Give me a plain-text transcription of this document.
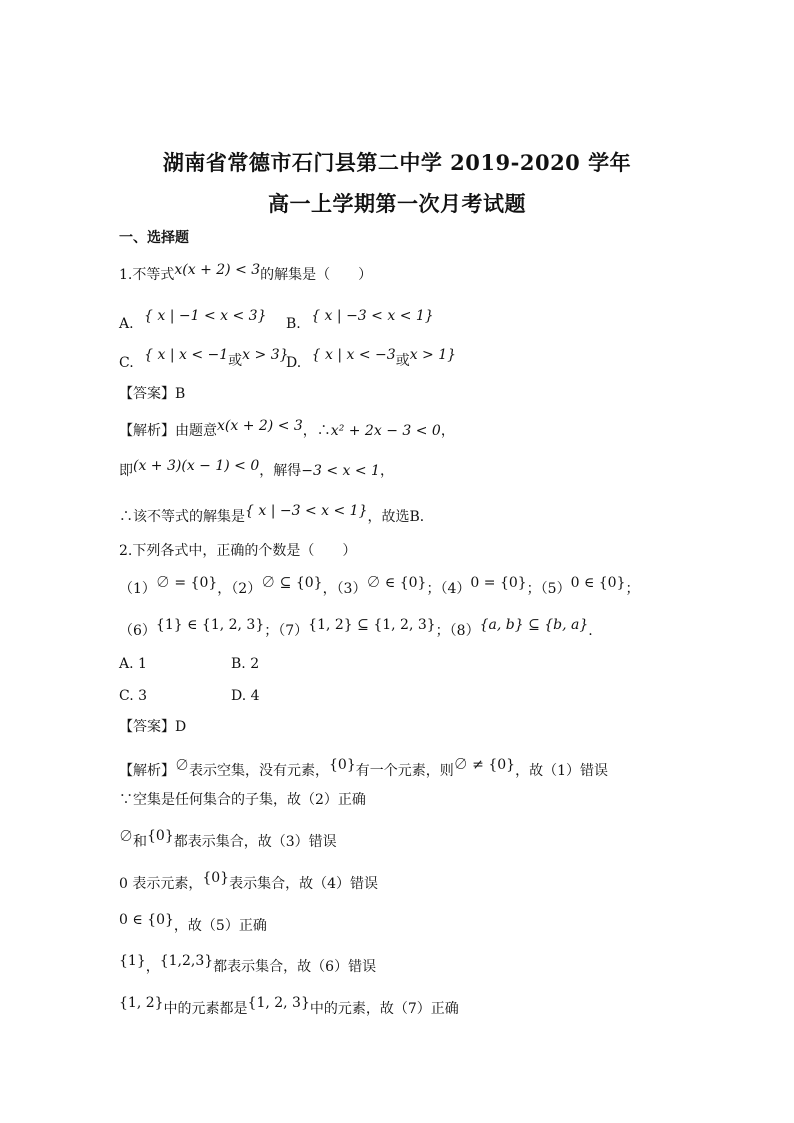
湖南省常德市石门县第二中学 2019-2020 学年
高一上学期第一次月考试题
一、选择题
1.不等式x(x + 2) < 3的解集是（　　）
A. { x | −1 < x < 3} B. { x | −3 < x < 1}
C. { x | x < −1或x > 3}
D. { x | x < −3或x > 1}
【答案】B
【解析】由题意x(x + 2) < 3，∴x² + 2x − 3 < 0，
即(x + 3)(x − 1) < 0，解得−3 < x < 1，
∴该不等式的解集是{ x | −3 < x < 1}，故选B．
2.下列各式中，正确的个数是（　　）
（1）∅ = {0}，（2）∅ ⊆ {0}，（3）∅ ∈ {0}；（4）0 = {0}；（5）0 ∈ {0}；
（6）{1} ∈ {1, 2, 3}；（7）{1, 2} ⊆ {1, 2, 3}；（8）{a, b} ⊆ {b, a}.
A. 1	B. 2
C. 3	D. 4
【答案】D
【解析】∅表示空集，没有元素，{0}有一个元素，则∅ ≠ {0}，故（1）错误
∵空集是任何集合的子集，故（2）正确
∅和{0}都表示集合，故（3）错误
0 表示元素，{0}表示集合，故（4）错误
0 ∈ {0}，故（5）正确
{1}，{1,2,3}都表示集合，故（6）错误
{1, 2}中的元素都是{1, 2, 3}中的元素，故（7）正确
